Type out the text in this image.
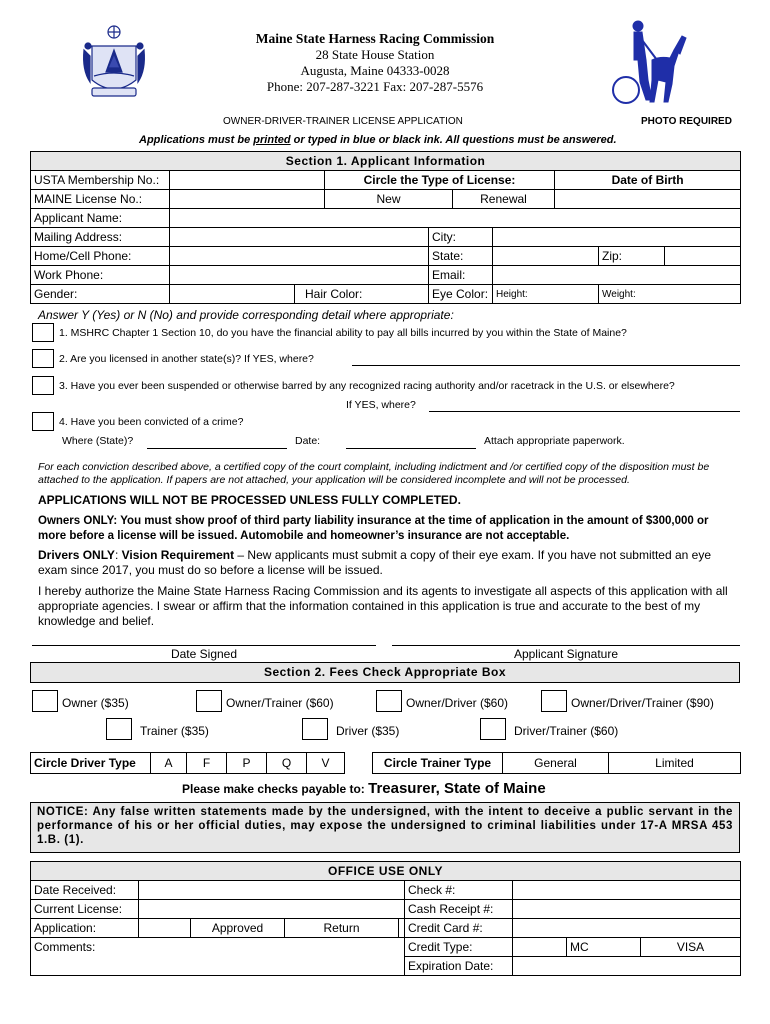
Maine State Harness Racing Commission
28 State House Station
Augusta, Maine 04333-0028
Phone: 207-287-3221 Fax: 207-287-5576
OWNER-DRIVER-TRAINER LICENSE APPLICATION	PHOTO REQUIRED
Applications must be printed or typed in blue or black ink. All questions must be answered.
Section 1. Applicant Information									
USTA Membership No.:			Circle the Type of License:				Date of Birth		
MAINE License No.:			New		Renewal				
Applicant Name:									
Mailing Address:				City:					
Home/Cell Phone:				State:				Zip:	
Work Phone:				Email:					
Gender:		Hair Color:		Eye Color:		Height:		Weight:	
Answer Y (Yes) or N (No) and provide corresponding detail where appropriate:
1. MSHRC Chapter 1 Section 10, do you have the financial ability to pay all bills incurred by you within the State of Maine?
2. Are you licensed in another state(s)? If YES, where?
3. Have you ever been suspended or otherwise barred by any recognized racing authority and/or racetrack in the U.S. or elsewhere?
If YES, where?
4. Have you been convicted of a crime?
Where (State)?	Date:	Attach appropriate paperwork.
For each conviction described above, a certified copy of the court complaint, including indictment and /or certified copy of the disposition must be attached to the application. If papers are not attached, your application will be considered incomplete and will not be processed.
APPLICATIONS WILL NOT BE PROCESSED UNLESS FULLY COMPLETED.
Owners ONLY: You must show proof of third party liability insurance at the time of application in the amount of $300,000 or more before a license will be issued. Automobile and homeowner’s insurance are not acceptable.
Drivers ONLY: Vision Requirement – New applicants must submit a copy of their eye exam. If you have not submitted an eye exam since 2017, you must do so before a license will be issued.
I hereby authorize the Maine State Harness Racing Commission and its agents to investigate all aspects of this application with all appropriate agencies. I swear or affirm that the information contained in this application is true and accurate to the best of my knowledge and belief.
Date Signed	Applicant Signature
Section 2. Fees Check Appropriate Box
Owner ($35)	Owner/Trainer ($60)	Owner/Driver ($60)	Owner/Driver/Trainer ($90)
Trainer ($35)	Driver ($35)	Driver/Trainer ($60)
Circle Driver Type	A	F	P	Q	V		Circle Trainer Type	General	Limited
Please make checks payable to: Treasurer, State of Maine
NOTICE: Any false written statements made by the undersigned, with the intent to deceive a public servant in the performance of his or her official duties, may expose the undersigned to criminal liabilities under 17-A MRSA 453 1.B. (1).
OFFICE USE ONLY								
Date Received:					Check #:			
Current License:					Cash Receipt #:			
Application:		Approved	Return		Credit Card #:			
Comments:					Credit Type:		MC	VISA
					Expiration Date:			
